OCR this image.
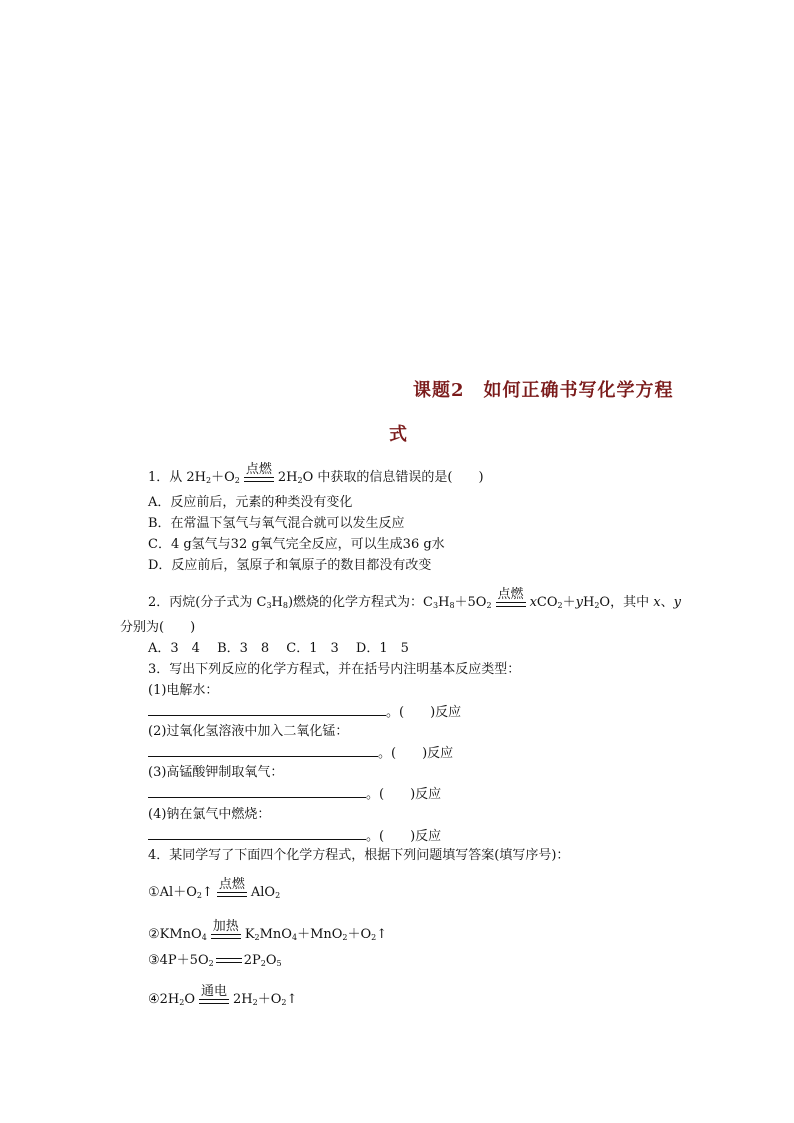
课题2　如何正确书写化学方程
式
1．从 $2H_2+O_2$
点燃
$2H_2O$ 中获取的信息错误的是(　　)
A．反应前后，元素的种类没有变化
B．在常温下氢气与氧气混合就可以发生反应
C．4 g氢气与32 g氧气完全反应，可以生成36 g水
D．反应前后，氢原子和氧原子的数目都没有改变
2．丙烷(分子式为 $C_3H_8$)燃烧的化学方程式为：$C_3H_8+5O_2$
点燃
$xCO_2+yH_2O$，其中 x、y
分别为(　　)
A．3　4　 B．3　8　 C．1　3　 D．1　5
3．写出下列反应的化学方程式，并在括号内注明基本反应类型：
(1)电解水：
。(　　)反应
(2)过氧化氢溶液中加入二氧化锰：
。(　　)反应
(3)高锰酸钾制取氧气：
。(　　)反应
(4)钠在氯气中燃烧：
。(　　)反应
4．某同学写了下面四个化学方程式，根据下列问题填写答案(填写序号)：
$①Al+O_2↑$
点燃
AlO$_2$
②KMnO$_4$
加热
$K_2MnO_4+MnO_2+O_2↑$
$③4P+5O_2$ $2P_2O_5$
$④2H_2O$
通电
$2H_2+O_2↑$
